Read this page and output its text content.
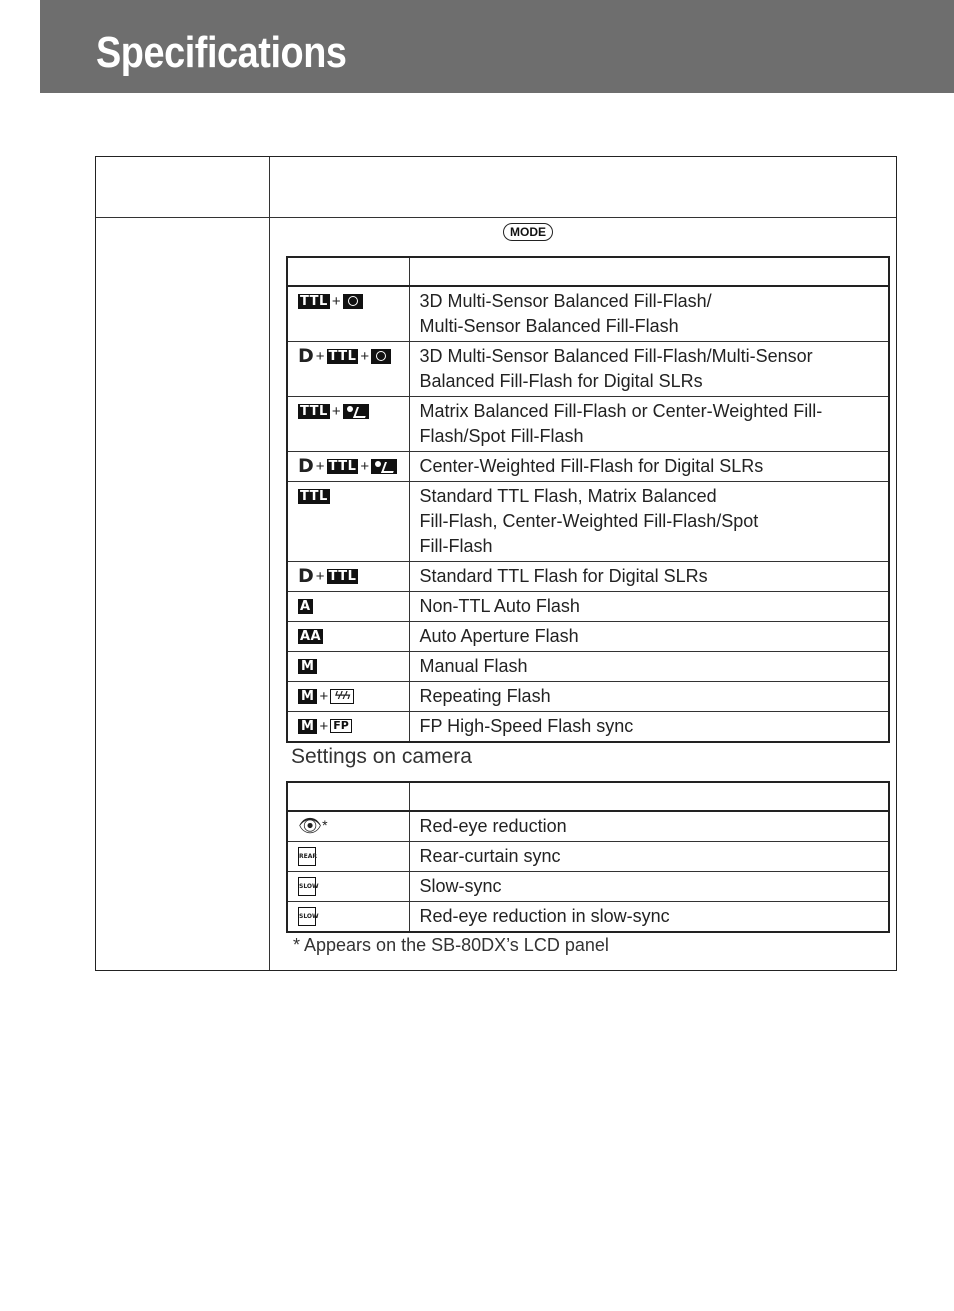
Specifications
MODE

TTL +	3D Multi-Sensor Balanced Fill-Flash/
Multi-Sensor Balanced Fill-Flash
D + TTL +	3D Multi-Sensor Balanced Fill-Flash/Multi-Sensor Balanced Fill-Flash for Digital SLRs
TTL +	Matrix Balanced Fill-Flash or Center-Weighted Fill-Flash/Spot Fill-Flash
D + TTL +	Center-Weighted Fill-Flash for Digital SLRs
TTL	Standard TTL Flash, Matrix Balanced
Fill-Flash, Center-Weighted Fill-Flash/Spot
Fill-Flash
D + TTL	Standard TTL Flash for Digital SLRs
A	Non-TTL Auto Flash
AA	Auto Aperture Flash
M	Manual Flash
M + ϟϟϟ	Repeating Flash
M + FP	FP High-Speed Flash sync
Settings on camera

👁*	Red-eye reduction
REAR	Rear-curtain sync
SLOW	Slow-sync
SLOW	Red-eye reduction in slow-sync
* Appears on the SB-80DX’s LCD panel
